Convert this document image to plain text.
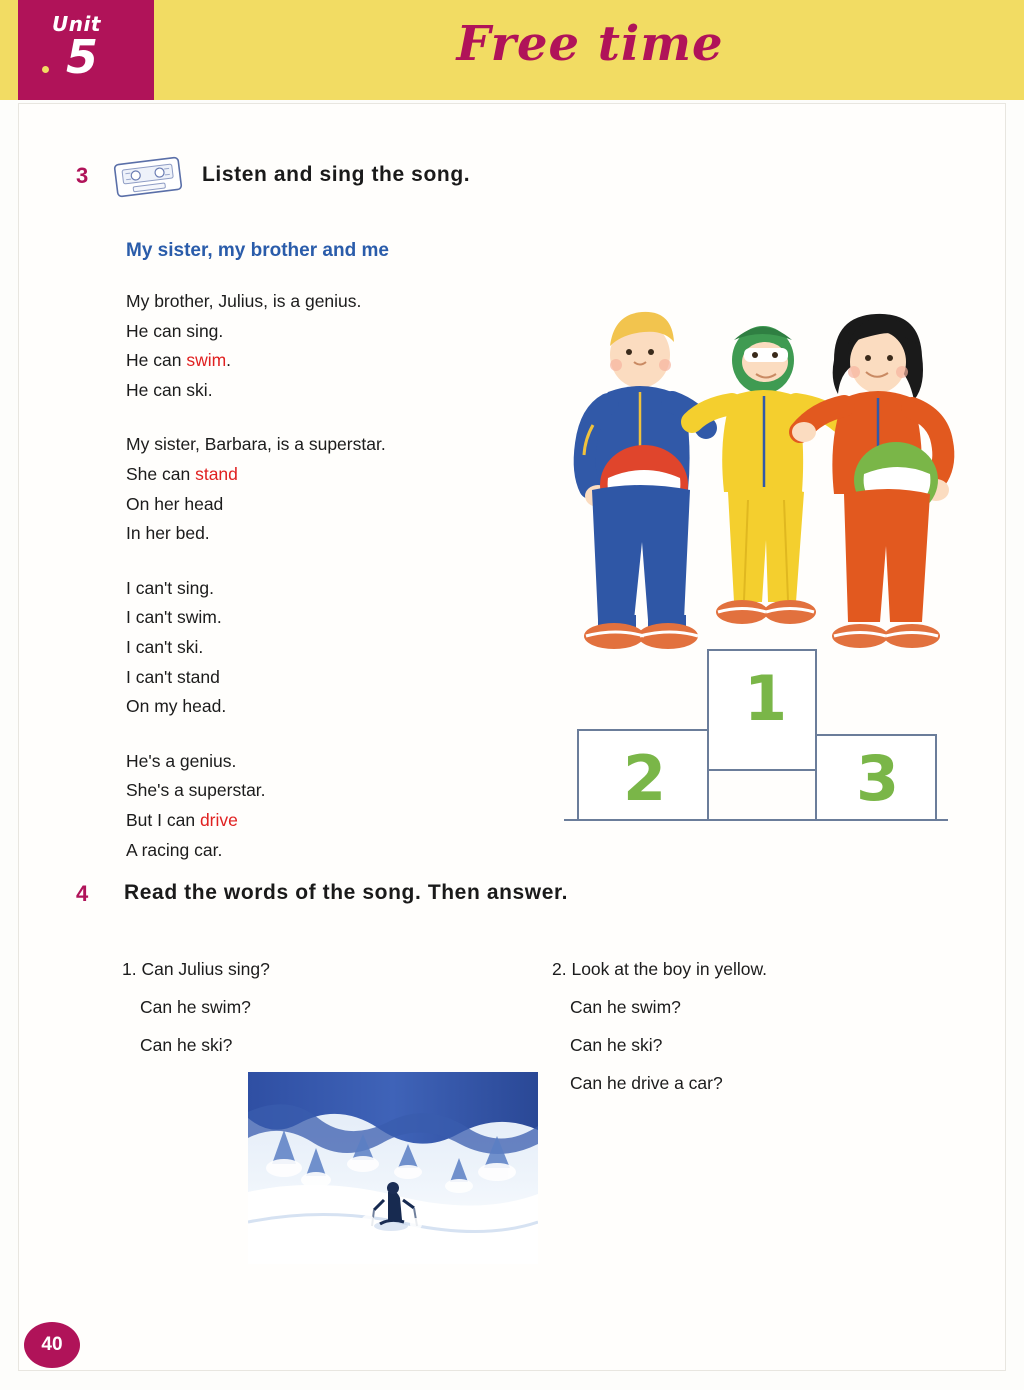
Unit
5	Free time
3	Listen and sing the song.
My sister, my brother and me
My brother, Julius, is a genius.
He can sing.
He can swim.
He can ski.
My sister, Barbara, is a superstar.
She can stand
On her head
In her bed.
I can't sing.
I can't swim.
I can't ski.
I can't stand
On my head.
He's a genius.
She's a superstar.
But I can drive
A racing car.
1
2	3
4 Read the words of the song. Then answer.
1. Can Julius sing?
Can he swim?
Can he ski?
2. Look at the boy in yellow.
Can he swim?
Can he ski?
Can he drive a car?
40
